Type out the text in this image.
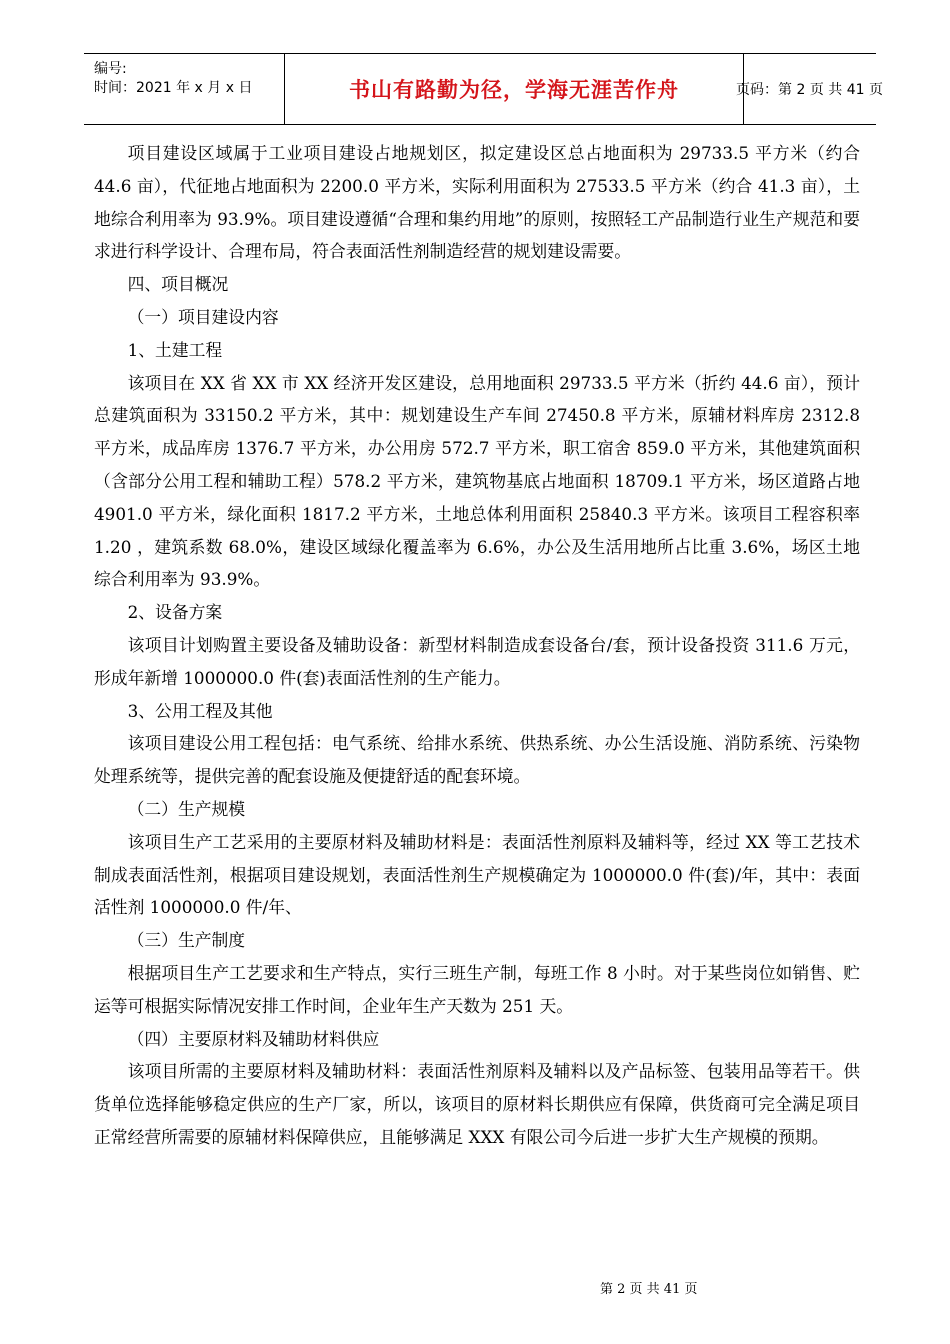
编号:
时间：2021 年 x 月 x 日	书山有路勤为径，学海无涯苦作舟	页码：第 2 页 共 41 页

项目建设区域属于工业项目建设占地规划区，拟定建设区总占地面积为 29733.5 平方米（约合 44.6 亩），代征地占地面积为 2200.0 平方米，实际利用面积为 27533.5 平方米（约合 41.3 亩），土地综合利用率为 93.9%。项目建设遵循“合理和集约用地”的原则，按照轻工产品制造行业生产规范和要求进行科学设计、合理布局，符合表面活性剂制造经营的规划建设需要。

四、项目概况

（一）项目建设内容

1、土建工程

该项目在 XX 省 XX 市 XX 经济开发区建设，总用地面积 29733.5 平方米（折约 44.6 亩），预计总建筑面积为 33150.2 平方米，其中：规划建设生产车间 27450.8 平方米，原辅材料库房 2312.8 平方米，成品库房 1376.7 平方米，办公用房 572.7 平方米，职工宿舍 859.0 平方米，其他建筑面积（含部分公用工程和辅助工程）578.2 平方米，建筑物基底占地面积 18709.1 平方米，场区道路占地 4901.0 平方米，绿化面积 1817.2 平方米，土地总体利用面积 25840.3 平方米。该项目工程容积率 1.20 ，建筑系数 68.0%，建设区域绿化覆盖率为 6.6%，办公及生活用地所占比重 3.6%，场区土地综合利用率为 93.9%。

2、设备方案

该项目计划购置主要设备及辅助设备：新型材料制造成套设备台/套，预计设备投资 311.6 万元，形成年新增 1000000.0 件(套)表面活性剂的生产能力。

3、公用工程及其他

该项目建设公用工程包括：电气系统、给排水系统、供热系统、办公生活设施、消防系统、污染物处理系统等，提供完善的配套设施及便捷舒适的配套环境。

（二）生产规模

该项目生产工艺采用的主要原材料及辅助材料是：表面活性剂原料及辅料等，经过 XX 等工艺技术制成表面活性剂，根据项目建设规划，表面活性剂生产规模确定为 1000000.0 件(套)/年，其中：表面活性剂 1000000.0 件/年、

（三）生产制度

根据项目生产工艺要求和生产特点，实行三班生产制，每班工作 8 小时。对于某些岗位如销售、贮运等可根据实际情况安排工作时间，企业年生产天数为 251 天。

（四）主要原材料及辅助材料供应

该项目所需的主要原材料及辅助材料：表面活性剂原料及辅料以及产品标签、包装用品等若干。供货单位选择能够稳定供应的生产厂家，所以，该项目的原材料长期供应有保障，供货商可完全满足项目正常经营所需要的原辅材料保障供应，且能够满足 XXX 有限公司今后进一步扩大生产规模的预期。

第 2 页 共 41 页
